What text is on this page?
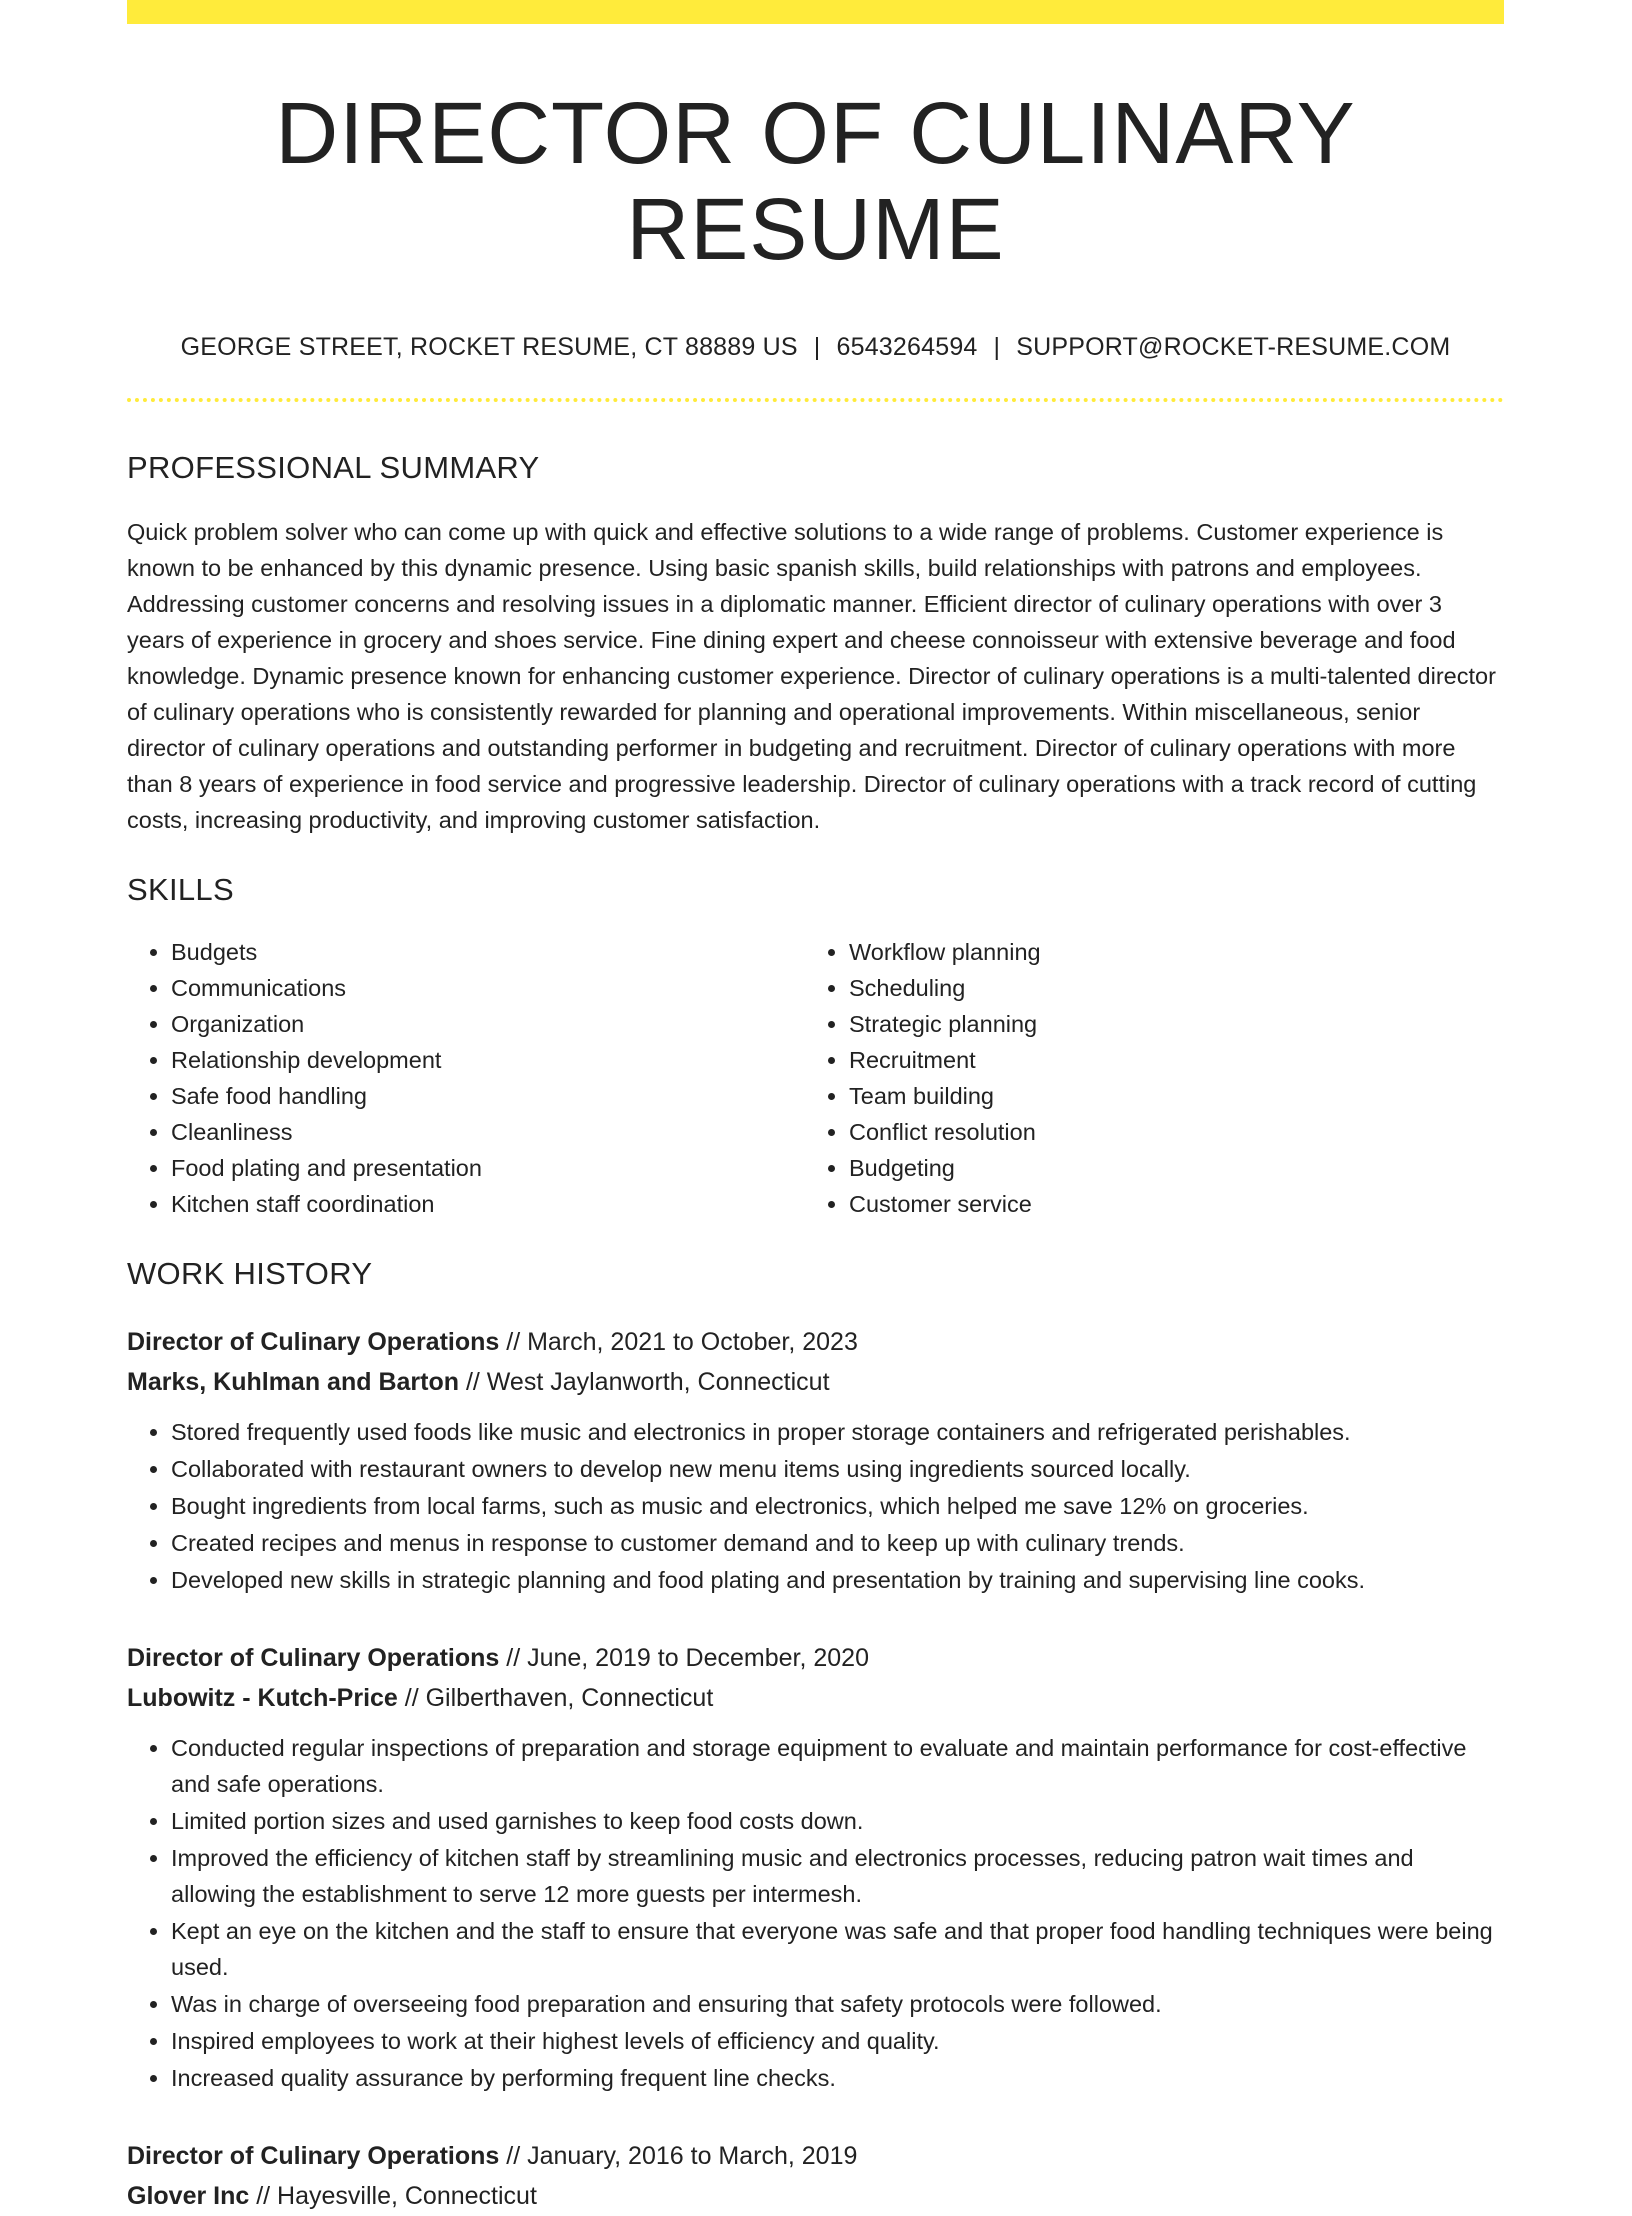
DIRECTOR OF CULINARY RESUME
GEORGE STREET, ROCKET RESUME, CT 88889 US | 6543264594 | SUPPORT@ROCKET-RESUME.COM
PROFESSIONAL SUMMARY

Quick problem solver who can come up with quick and effective solutions to a wide range of problems. Customer experience is known to be enhanced by this dynamic presence. Using basic spanish skills, build relationships with patrons and employees. Addressing customer concerns and resolving issues in a diplomatic manner. Efficient director of culinary operations with over 3 years of experience in grocery and shoes service. Fine dining expert and cheese connoisseur with extensive beverage and food knowledge. Dynamic presence known for enhancing customer experience. Director of culinary operations is a multi-talented director of culinary operations who is consistently rewarded for planning and operational improvements. Within miscellaneous, senior director of culinary operations and outstanding performer in budgeting and recruitment. Director of culinary operations with more than 8 years of experience in food service and progressive leadership. Director of culinary operations with a track record of cutting costs, increasing productivity, and improving customer satisfaction.

SKILLS
• Budgets
• Communications
• Organization
• Relationship development
• Safe food handling
• Cleanliness
• Food plating and presentation
• Kitchen staff coordination
• Workflow planning
• Scheduling
• Strategic planning
• Recruitment
• Team building
• Conflict resolution
• Budgeting
• Customer service
WORK HISTORY
Director of Culinary Operations // March, 2021 to October, 2023
Marks, Kuhlman and Barton // West Jaylanworth, Connecticut
• Stored frequently used foods like music and electronics in proper storage containers and refrigerated perishables.
• Collaborated with restaurant owners to develop new menu items using ingredients sourced locally.
• Bought ingredients from local farms, such as music and electronics, which helped me save 12% on groceries.
• Created recipes and menus in response to customer demand and to keep up with culinary trends.
• Developed new skills in strategic planning and food plating and presentation by training and supervising line cooks.
Director of Culinary Operations // June, 2019 to December, 2020
Lubowitz - Kutch-Price // Gilberthaven, Connecticut
• Conducted regular inspections of preparation and storage equipment to evaluate and maintain performance for cost-effective and safe operations.
• Limited portion sizes and used garnishes to keep food costs down.
• Improved the efficiency of kitchen staff by streamlining music and electronics processes, reducing patron wait times and allowing the establishment to serve 12 more guests per intermesh.
• Kept an eye on the kitchen and the staff to ensure that everyone was safe and that proper food handling techniques were being used.
• Was in charge of overseeing food preparation and ensuring that safety protocols were followed.
• Inspired employees to work at their highest levels of efficiency and quality.
• Increased quality assurance by performing frequent line checks.
Director of Culinary Operations // January, 2016 to March, 2019
Glover Inc // Hayesville, Connecticut
